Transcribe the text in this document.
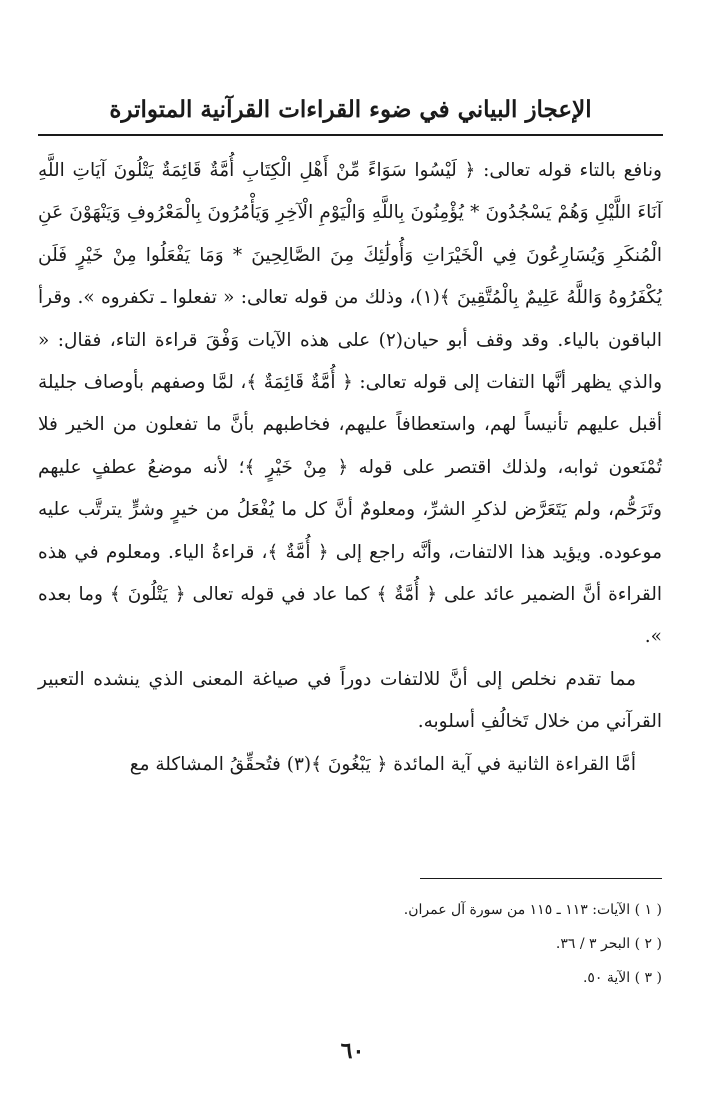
الإعجاز البياني في ضوء القراءات القرآنية المتواترة

ونافع بالتاء قوله تعالى: ﴿ لَيْسُوا سَوَاءً مِّنْ أَهْلِ الْكِتَابِ أُمَّةٌ قَائِمَةٌ يَتْلُونَ آيَاتِ اللَّهِ آنَاءَ اللَّيْلِ وَهُمْ يَسْجُدُونَ * يُؤْمِنُونَ بِاللَّهِ وَالْيَوْمِ الْآخِرِ وَيَأْمُرُونَ بِالْمَعْرُوفِ وَيَنْهَوْنَ عَنِ الْمُنكَرِ وَيُسَارِعُونَ فِي الْخَيْرَاتِ وَأُولَٰئِكَ مِنَ الصَّالِحِينَ * وَمَا يَفْعَلُوا مِنْ خَيْرٍ فَلَن يُكْفَرُوهُ وَاللَّهُ عَلِيمٌ بِالْمُتَّقِينَ ﴾(١)، وذلك من قوله تعالى: « تفعلوا ـ تكفروه ». وقرأ الباقون بالياء. وقد وقف أبو حيان(٢) على هذه الآيات وَفْقَ قراءة التاء، فقال: « والذي يظهر أنَّها التفات إلى قوله تعالى: ﴿ أُمَّةٌ قَائِمَةٌ ﴾، لمَّا وصفهم بأوصاف جليلة أقبل عليهم تأنيساً لهم، واستعطافاً عليهم، فخاطبهم بأنَّ ما تفعلون من الخير فلا تُمْنَعون ثوابه، ولذلك اقتصر على قوله ﴿ مِنْ خَيْرٍ ﴾؛ لأنه موضعُ عطفٍ عليهم وتَرَحُّم، ولم يَتَعَرَّض لذكرِ الشرِّ، ومعلومٌ أنَّ كل ما يُفْعَلُ من خيرٍ وشرٍّ يترتَّب عليه موعوده. ويؤيد هذا الالتفات، وأنَّه راجع إلى ﴿ أُمَّةٌ ﴾، قراءةُ الياء. ومعلوم في هذه القراءة أنَّ الضمير عائد على ﴿ أُمَّةٌ ﴾ كما عاد في قوله تعالى ﴿ يَتْلُونَ ﴾ وما بعده ».

مما تقدم نخلص إلى أنَّ للالتفات دوراً في صياغة المعنى الذي ينشده التعبير القرآني من خلال تَخالُفِ أسلوبه.

أمَّا القراءة الثانية في آية المائدة ﴿ يَبْغُونَ ﴾(٣) فتُحقِّقُ المشاكلة مع

( ١ ) الآيات: ١١٣ ـ ١١٥ من سورة آل عمران.
( ٢ ) البحر ٣ / ٣٦.
( ٣ ) الآية ٥٠.
٦٠
